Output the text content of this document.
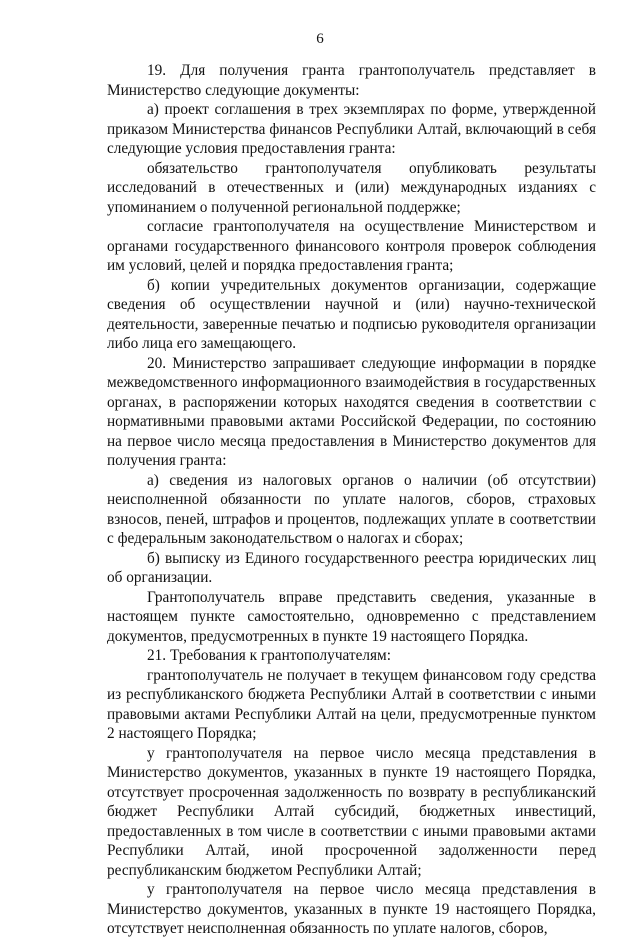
6

19. Для получения гранта грантополучатель представляет в Министерство следующие документы:

а) проект соглашения в трех экземплярах по форме, утвержденной приказом Министерства финансов Республики Алтай, включающий в себя следующие условия предоставления гранта:

обязательство грантополучателя опубликовать результаты исследований в отечественных и (или) международных изданиях с упоминанием о полученной региональной поддержке;

согласие грантополучателя на осуществление Министерством и органами государственного финансового контроля проверок соблюдения им условий, целей и порядка предоставления гранта;

б) копии учредительных документов организации, содержащие сведения об осуществлении научной и (или) научно-технической деятельности, заверенные печатью и подписью руководителя организации либо лица его замещающего.

20. Министерство запрашивает следующие информации в порядке межведомственного информационного взаимодействия в государственных органах, в распоряжении которых находятся сведения в соответствии с нормативными правовыми актами Российской Федерации, по состоянию на первое число месяца предоставления в Министерство документов для получения гранта:

а) сведения из налоговых органов о наличии (об отсутствии) неисполненной обязанности по уплате налогов, сборов, страховых взносов, пеней, штрафов и процентов, подлежащих уплате в соответствии с федеральным законодательством о налогах и сборах;

б) выписку из Единого государственного реестра юридических лиц об организации.

Грантополучатель вправе представить сведения, указанные в настоящем пункте самостоятельно, одновременно с представлением документов, предусмотренных в пункте 19 настоящего Порядка.

21. Требования к грантополучателям:

грантополучатель не получает в текущем финансовом году средства из республиканского бюджета Республики Алтай в соответствии с иными правовыми актами Республики Алтай на цели, предусмотренные пунктом 2 настоящего Порядка;

у грантополучателя на первое число месяца представления в Министерство документов, указанных в пункте 19 настоящего Порядка, отсутствует просроченная задолженность по возврату в республиканский бюджет Республики Алтай субсидий, бюджетных инвестиций, предоставленных в том числе в соответствии с иными правовыми актами Республики Алтай, иной просроченной задолженности перед республиканским бюджетом Республики Алтай;

у грантополучателя на первое число месяца представления в Министерство документов, указанных в пункте 19 настоящего Порядка, отсутствует неисполненная обязанность по уплате налогов, сборов,
